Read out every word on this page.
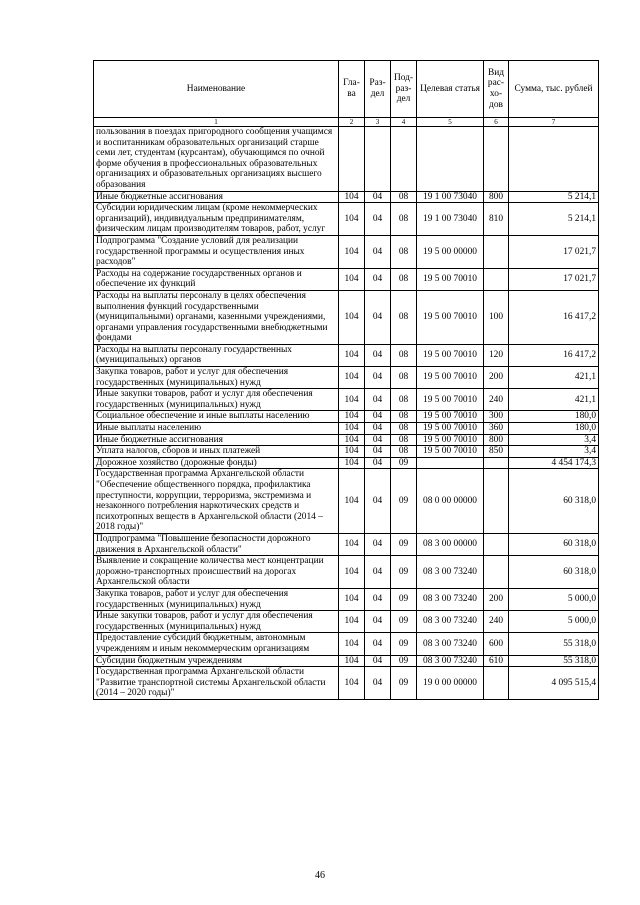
Наименование	Гла-ва	Раз-дел	Под-раз-дел	Целевая статья	Вид рас-хо-дов	Сумма, тыс. рублей
1	2	3	4	5	6	7
пользования в поездах пригородного сообщения учащимся и воспитанникам образовательных организаций старше семи лет, студентам (курсантам), обучающимся по очной форме обучения в профессиональных образовательных организациях и образовательных организациях высшего образования						
Иные бюджетные ассигнования	104	04	08	19 1 00 73040	800	5 214,1
Субсидии юридическим лицам (кроме некоммерческих организаций), индивидуальным предпринимателям, физическим лицам производителям товаров, работ, услуг	104	04	08	19 1 00 73040	810	5 214,1
Подпрограмма "Создание условий для реализации государственной программы и осуществления иных расходов"	104	04	08	19 5 00 00000		17 021,7
Расходы на содержание государственных органов и обеспечение их функций	104	04	08	19 5 00 70010		17 021,7
Расходы на выплаты персоналу в целях обеспечения выполнения функций государственными (муниципальными) органами, казенными учреждениями, органами управления государственными внебюджетными фондами	104	04	08	19 5 00 70010	100	16 417,2
Расходы на выплаты персоналу государственных (муниципальных) органов	104	04	08	19 5 00 70010	120	16 417,2
Закупка товаров, работ и услуг для обеспечения государственных (муниципальных) нужд	104	04	08	19 5 00 70010	200	421,1
Иные закупки товаров, работ и услуг для обеспечения государственных (муниципальных) нужд	104	04	08	19 5 00 70010	240	421,1
Социальное обеспечение и иные выплаты населению	104	04	08	19 5 00 70010	300	180,0
Иные выплаты населению	104	04	08	19 5 00 70010	360	180,0
Иные бюджетные ассигнования	104	04	08	19 5 00 70010	800	3,4
Уплата налогов, сборов и иных платежей	104	04	08	19 5 00 70010	850	3,4
Дорожное хозяйство (дорожные фонды)	104	04	09			4 454 174,3
Государственная программа Архангельской области "Обеспечение общественного порядка, профилактика преступности, коррупции, терроризма, экстремизма и незаконного потребления наркотических средств и психотропных веществ в Архангельской области (2014 – 2018 годы)"	104	04	09	08 0 00 00000		60 318,0
Подпрограмма "Повышение безопасности дорожного движения в Архангельской области"	104	04	09	08 3 00 00000		60 318,0
Выявление и сокращение количества мест концентрации дорожно-транспортных происшествий на дорогах Архангельской области	104	04	09	08 3 00 73240		60 318,0
Закупка товаров, работ и услуг для обеспечения государственных (муниципальных) нужд	104	04	09	08 3 00 73240	200	5 000,0
Иные закупки товаров, работ и услуг для обеспечения государственных (муниципальных) нужд	104	04	09	08 3 00 73240	240	5 000,0
Предоставление субсидий бюджетным, автономным учреждениям и иным некоммерческим организациям	104	04	09	08 3 00 73240	600	55 318,0
Субсидии бюджетным учреждениям	104	04	09	08 3 00 73240	610	55 318,0
Государственная программа Архангельской области "Развитие транспортной системы Архангельской области (2014 – 2020 годы)"	104	04	09	19 0 00 00000		4 095 515,4
46
